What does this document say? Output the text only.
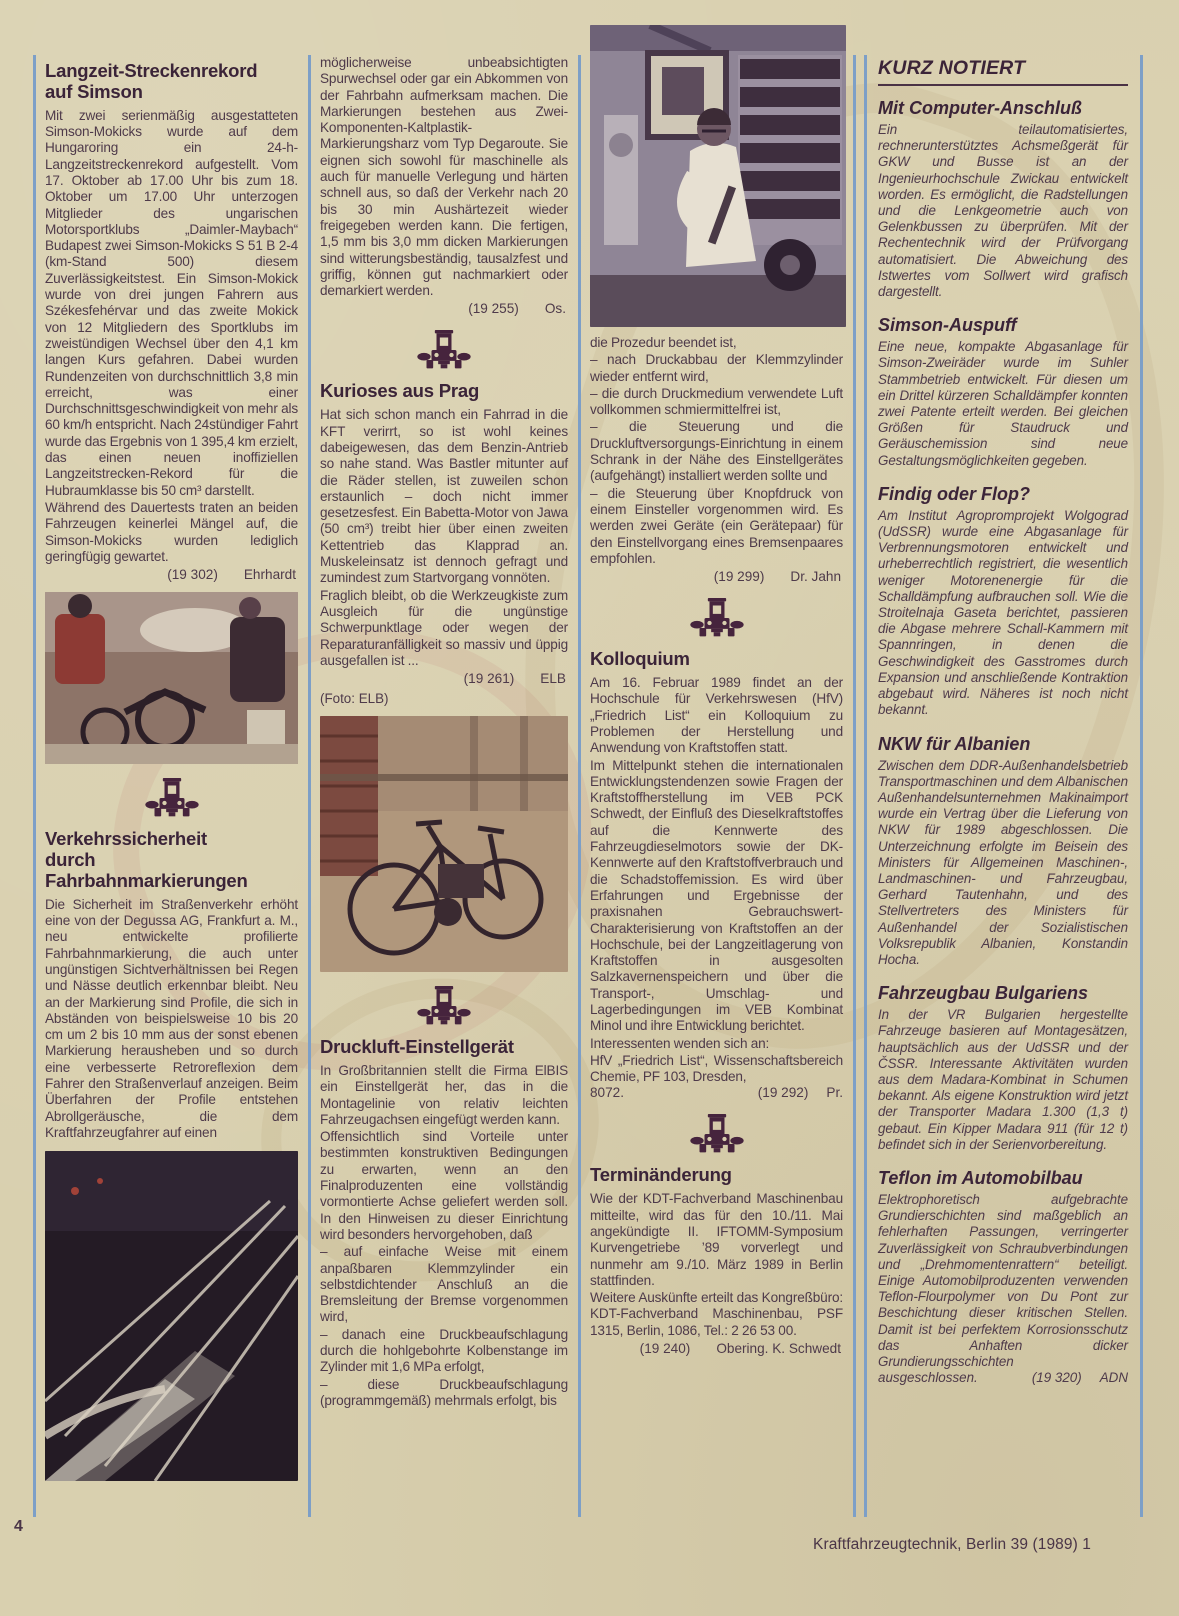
Langzeit-Streckenrekord
auf Simson

Mit zwei serienmäßig ausgestatteten Simson-Mokicks wurde auf dem Hungaroring ein 24-h-Langzeitstreckenrekord aufgestellt. Vom 17. Oktober ab 17.00 Uhr bis zum 18. Oktober um 17.00 Uhr unterzogen Mitglieder des ungarischen Motorsportklubs „Daimler-Maybach“ Budapest zwei Simson-Mokicks S 51 B 2-4 (km-Stand 500) diesem Zuverlässigkeitstest. Ein Simson-Mokick wurde von drei jungen Fahrern aus Székesfehérvar und das zweite Mokick von 12 Mitgliedern des Sportklubs im zweistündigen Wechsel über den 4,1 km langen Kurs gefahren. Dabei wurden Rundenzeiten von durchschnittlich 3,8 min erreicht, was einer Durchschnittsgeschwindigkeit von mehr als 60 km/h entspricht. Nach 24stündiger Fahrt wurde das Ergebnis von 1 395,4 km erzielt, das einen neuen inoffiziellen Langzeitstrecken-Rekord für die Hubraumklasse bis 50 cm³ darstellt.

Während des Dauertests traten an beiden Fahrzeugen keinerlei Mängel auf, die Simson-Mokicks wurden lediglich geringfügig gewartet.

(19 302) Ehrhardt
Verkehrssicherheit
durch Fahrbahnmarkierungen

Die Sicherheit im Straßenverkehr erhöht eine von der Degussa AG, Frankfurt a. M., neu entwickelte profilierte Fahrbahnmarkierung, die auch unter ungünstigen Sichtverhältnissen bei Regen und Nässe deutlich erkennbar bleibt. Neu an der Markierung sind Profile, die sich in Abständen von beispielsweise 10 bis 20 cm um 2 bis 10 mm aus der sonst ebenen Markierung herausheben und so durch eine verbesserte Retroreflexion dem Fahrer den Straßenverlauf anzeigen. Beim Überfahren der Profile entstehen Abrollgeräusche, die dem Kraftfahrzeugfahrer auf einen

möglicherweise unbeabsichtigten Spurwechsel oder gar ein Abkommen von der Fahrbahn aufmerksam machen. Die Markierungen bestehen aus Zwei-Komponenten-Kaltplastik-Markierungsharz vom Typ Degaroute. Sie eignen sich sowohl für maschinelle als auch für manuelle Verlegung und härten schnell aus, so daß der Verkehr nach 20 bis 30 min Aushärtezeit wieder freigegeben werden kann. Die fertigen, 1,5 mm bis 3,0 mm dicken Markierungen sind witterungsbeständig, tausalzfest und griffig, können gut nachmarkiert oder demarkiert werden.

(19 255) Os.
Kurioses aus Prag

Hat sich schon manch ein Fahrrad in die KFT verirrt, so ist wohl keines dabeigewesen, das dem Benzin-Antrieb so nahe stand. Was Bastler mitunter auf die Räder stellen, ist zuweilen schon erstaunlich – doch nicht immer gesetzesfest. Ein Babetta-Motor von Jawa (50 cm³) treibt hier über einen zweiten Kettentrieb das Klapprad an. Muskeleinsatz ist dennoch gefragt und zumindest zum Startvorgang vonnöten.

Fraglich bleibt, ob die Werkzeugkiste zum Ausgleich für die ungünstige Schwerpunktlage oder wegen der Reparaturanfälligkeit so massiv und üppig ausgefallen ist ...

(19 261) ELB
(Foto: ELB)
Druckluft-Einstellgerät

In Großbritannien stellt die Firma ElBIS ein Einstellgerät her, das in die Montagelinie von relativ leichten Fahrzeugachsen eingefügt werden kann.

Offensichtlich sind Vorteile unter bestimmten konstruktiven Bedingungen zu erwarten, wenn an den Finalproduzenten eine vollständig vormontierte Achse geliefert werden soll. In den Hinweisen zu dieser Einrichtung wird besonders hervorgehoben, daß

– auf einfache Weise mit einem anpaßbaren Klemmzylinder ein selbstdichtender Anschluß an die Bremsleitung der Bremse vorgenommen wird,

– danach eine Druckbeaufschlagung durch die hohlgebohrte Kolbenstange im Zylinder mit 1,6 MPa erfolgt,

– diese Druckbeaufschlagung (programmgemäß) mehrmals erfolgt, bis

die Prozedur beendet ist,

– nach Druckabbau der Klemmzylinder wieder entfernt wird,

– die durch Druckmedium verwendete Luft vollkommen schmiermittelfrei ist,

– die Steuerung und die Druckluftversorgungs-Einrichtung in einem Schrank in der Nähe des Einstellgerätes (aufgehängt) installiert werden sollte und

– die Steuerung über Knopfdruck von einem Einsteller vorgenommen wird. Es werden zwei Geräte (ein Gerätepaar) für den Einstellvorgang eines Bremsenpaares empfohlen.

(19 299) Dr. Jahn
Kolloquium

Am 16. Februar 1989 findet an der Hochschule für Verkehrswesen (HfV) „Friedrich List“ ein Kolloquium zu Problemen der Herstellung und Anwendung von Kraftstoffen statt.

Im Mittelpunkt stehen die internationalen Entwicklungstendenzen sowie Fragen der Kraftstoffherstellung im VEB PCK Schwedt, der Einfluß des Dieselkraftstoffes auf die Kennwerte des Fahrzeugdieselmotors sowie der DK-Kennwerte auf den Kraftstoffverbrauch und die Schadstoffemission. Es wird über Erfahrungen und Ergebnisse der praxisnahen Gebrauchswert-Charakterisierung von Kraftstoffen an der Hochschule, bei der Langzeitlagerung von Kraftstoffen in ausgesolten Salzkavernenspeichern und über die Transport-, Umschlag- und Lagerbedingungen im VEB Kombinat Minol und ihre Entwicklung berichtet.

Interessenten wenden sich an:

HfV „Friedrich List“, Wissenschaftsbereich Chemie, PF 103, Dresden,

8072.	(19 292) Pr.
Terminänderung

Wie der KDT-Fachverband Maschinenbau mitteilte, wird das für den 10./11. Mai angekündigte II. IFTOMM-Symposium Kurvengetriebe ’89 vorverlegt und nunmehr am 9./10. März 1989 in Berlin stattfinden.

Weitere Auskünfte erteilt das Kongreßbüro: KDT-Fachverband Maschinenbau, PSF 1315, Berlin, 1086, Tel.: 2 26 53 00.

(19 240) Obering. K. Schwedt
KURZ NOTIERT
Mit Computer-Anschluß

Ein teilautomatisiertes, rechnerunterstütztes Achsmeßgerät für GKW und Busse ist an der Ingenieurhochschule Zwickau entwickelt worden. Es ermöglicht, die Radstellungen und die Lenkgeometrie auch von Gelenkbussen zu überprüfen. Mit der Rechentechnik wird der Prüfvorgang automatisiert. Die Abweichung des Istwertes vom Sollwert wird grafisch dargestellt.

Simson-Auspuff

Eine neue, kompakte Abgasanlage für Simson-Zweiräder wurde im Suhler Stammbetrieb entwickelt. Für diesen um ein Drittel kürzeren Schalldämpfer konnten zwei Patente erteilt werden. Bei gleichen Größen für Staudruck und Geräuschemission sind neue Gestaltungsmöglichkeiten gegeben.

Findig oder Flop?

Am Institut Agropromprojekt Wolgograd (UdSSR) wurde eine Abgasanlage für Verbrennungsmotoren entwickelt und urheberrechtlich registriert, die wesentlich weniger Motorenenergie für die Schalldämpfung aufbrauchen soll. Wie die Stroitelnaja Gaseta berichtet, passieren die Abgase mehrere Schall-Kammern mit Spannringen, in denen die Geschwindigkeit des Gasstromes durch Expansion und anschließende Kontraktion abgebaut wird. Näheres ist noch nicht bekannt.

NKW für Albanien

Zwischen dem DDR-Außenhandelsbetrieb Transportmaschinen und dem Albanischen Außenhandelsunternehmen Makinaimport wurde ein Vertrag über die Lieferung von NKW für 1989 abgeschlossen. Die Unterzeichnung erfolgte im Beisein des Ministers für Allgemeinen Maschinen-, Landmaschinen- und Fahrzeugbau, Gerhard Tautenhahn, und des Stellvertreters des Ministers für Außenhandel der Sozialistischen Volksrepublik Albanien, Konstandin Hocha.

Fahrzeugbau Bulgariens

In der VR Bulgarien hergestellte Fahrzeuge basieren auf Montagesätzen, hauptsächlich aus der UdSSR und der ČSSR. Interessante Aktivitäten wurden aus dem Madara-Kombinat in Schumen bekannt. Als eigene Konstruktion wird jetzt der Transporter Madara 1.300 (1,3 t) gebaut. Ein Kipper Madara 911 (für 12 t) befindet sich in der Serienvorbereitung.

Teflon im Automobilbau

Elektrophoretisch aufgebrachte Grundierschichten sind maßgeblich an fehlerhaften Passungen, verringerter Zuverlässigkeit von Schraubverbindungen und „Drehmomentenrattern“ beteiligt. Einige Automobilproduzenten verwenden Teflon-Flourpolymer von Du Pont zur Beschichtung dieser kritischen Stellen. Damit ist bei perfektem Korrosionsschutz das Anhaften dicker Grundierungsschichten

ausgeschlossen.	(19 320) ADN
4
Kraftfahrzeugtechnik, Berlin 39 (1989) 1
